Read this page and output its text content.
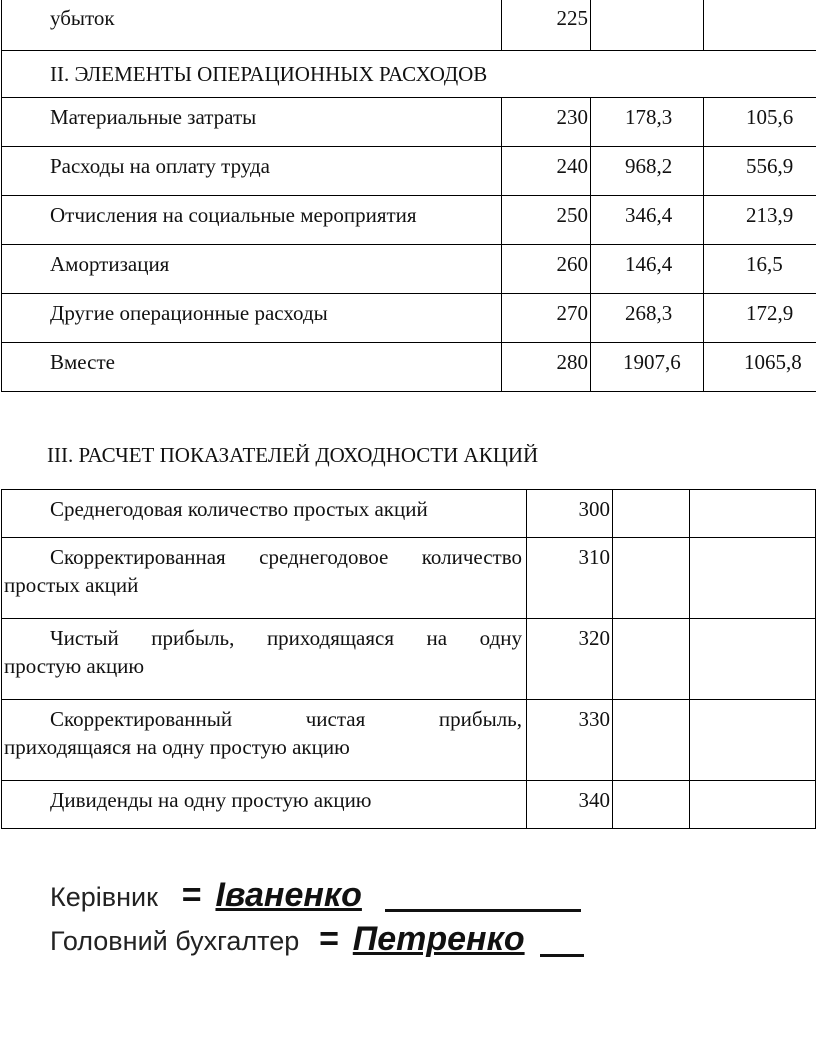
убыток	225		
II. ЭЛЕМЕНТЫ ОПЕРАЦИОННЫХ РАСХОДОВ			
Материальные затраты	230	178,3	105,6
Расходы на оплату труда	240	968,2	556,9
Отчисления на социальные мероприятия	250	346,4	213,9
Амортизация	260	146,4	16,5
Другие операционные расходы	270	268,3	172,9
Вместе	280	1907,6	1065,8
III. РАСЧЕТ ПОКАЗАТЕЛЕЙ ДОХОДНОСТИ АКЦИЙ
Среднегодовая количество простых акций	300		
Скорректированная среднегодовое количество
простых акций	310		
Чистый прибыль, приходящаяся на одну
простую акцию	320		
Скорректированный чистая прибыль,
приходящаяся на одну простую акцию	330		
Дивиденды на одну простую акцию	340		
Керівник = Іваненко
Головний бухгалтер = Петренко
